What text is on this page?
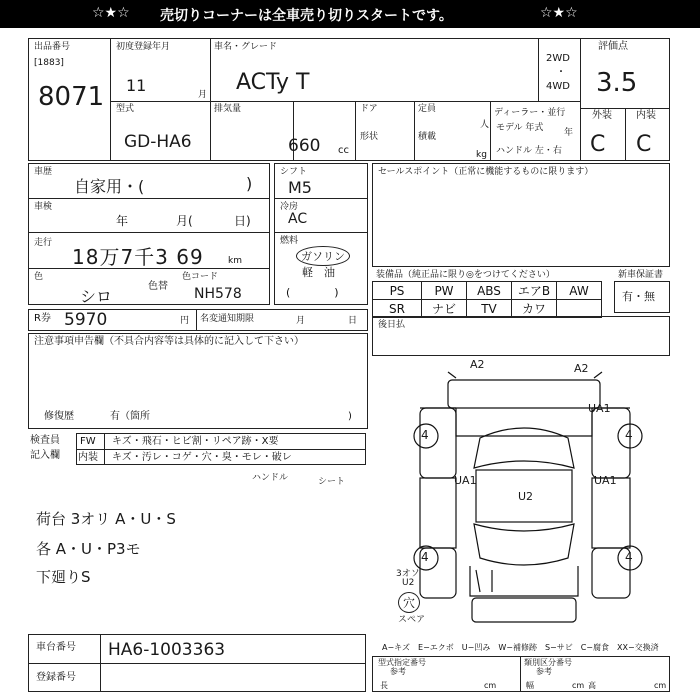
☆★☆ 売切りコーナーは全車売り切りスタートです。	☆★☆
出品番号
[1883]
8071
初度登録年月
11	月
車名・グレード
ACTy T
2WD
・
4WD
評価点
3.5
型式
GD-HA6
排気量
660 cc
ドア
形状
定員
人
積載
kg
ディーラー・並行
モデル 年式 年
ハンドル 左・右
外装 内装
C C
車歴
自家用・(	)
車検
年	月(	日)
走行
18万7千3 69	km
色
シロ
色替
色コード
NH578
シフト
M5
冷房
AC
燃料
ガソリン
軽　油
(　　　　)
セールスポイント（正常に機能するものに限ります）
装備品（純正品に限り◎をつけてください）	新車保証書
PS	PW	ABS	エアB	AW
SR	ナビ	TV	カワ	
有・無
R券 5970	円 名変通知期限	月	日 後日払
注意事項申告欄（不具合内容等は具体的に記入して下さい）
修復歴	有（箇所	)
検査員
記入欄
FW キズ・飛石・ヒビ割・リペア跡・X要
内装 キズ・汚レ・コゲ・穴・臭・モレ・破レ
ハンドル	シート
荷台 3オリ A・U・S
各 A・U・P3モ
下廻りS
A2	A2
UA1
UA1	UA1
U2
4	4
4	4
3オソ
U2
穴
スペア
A−キズ　E−エクボ　U−凹み　W−補修跡　S−サビ　C−腐食　XX−交換済
車台番号 HA6-1003363
登録番号
型式指定番号
参考
類別区分番号
参考
長	cm	幅	cm 高	cm
